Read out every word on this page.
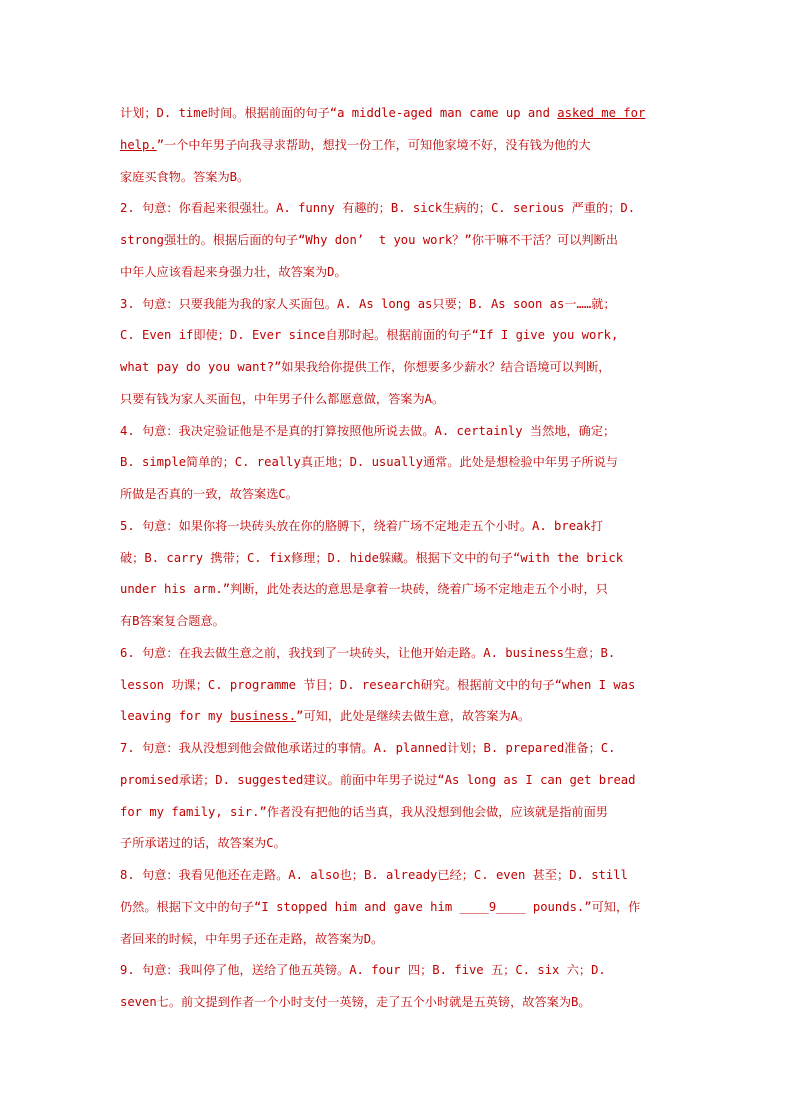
计划；D. time时间。根据前面的句子“a middle-aged man came up and asked me for
help.”一个中年男子向我寻求帮助，想找一份工作，可知他家境不好，没有钱为他的大
家庭买食物。答案为B。
2. 句意：你看起来很强壮。A. funny 有趣的；B. sick生病的；C. serious 严重的；D.
strong强壮的。根据后面的句子“Why don’  t you work？”你干嘛不干活？可以判断出
中年人应该看起来身强力壮，故答案为D。
3. 句意：只要我能为我的家人买面包。A. As long as只要；B. As soon as一……就；
C. Even if即使；D. Ever since自那时起。根据前面的句子“If I give you work,
what pay do you want?”如果我给你提供工作，你想要多少薪水？结合语境可以判断，
只要有钱为家人买面包，中年男子什么都愿意做，答案为A。
4. 句意：我决定验证他是不是真的打算按照他所说去做。A. certainly 当然地，确定；
B. simple简单的；C. really真正地；D. usually通常。此处是想检验中年男子所说与
所做是否真的一致，故答案选C。
5. 句意：如果你将一块砖头放在你的胳膊下，绕着广场不定地走五个小时。A. break打
破；B. carry 携带；C. fix修理；D. hide躲藏。根据下文中的句子“with the brick
under his arm.”判断，此处表达的意思是拿着一块砖，绕着广场不定地走五个小时，只
有B答案复合题意。
6. 句意：在我去做生意之前，我找到了一块砖头，让他开始走路。A. business生意；B.
lesson 功课；C. programme 节目；D. research研究。根据前文中的句子“when I was
leaving for my business.”可知，此处是继续去做生意，故答案为A。
7. 句意：我从没想到他会做他承诺过的事情。A. planned计划；B. prepared准备；C.
promised承诺；D. suggested建议。前面中年男子说过“As long as I can get bread
for my family, sir.”作者没有把他的话当真，我从没想到他会做，应该就是指前面男
子所承诺过的话，故答案为C。
8. 句意：我看见他还在走路。A. also也；B. already已经；C. even 甚至；D. still
仍然。根据下文中的句子“I stopped him and gave him ____9____ pounds.”可知，作
者回来的时候，中年男子还在走路，故答案为D。
9. 句意：我叫停了他，送给了他五英镑。A. four 四；B. five 五；C. six 六；D.
seven七。前文提到作者一个小时支付一英镑，走了五个小时就是五英镑，故答案为B。
